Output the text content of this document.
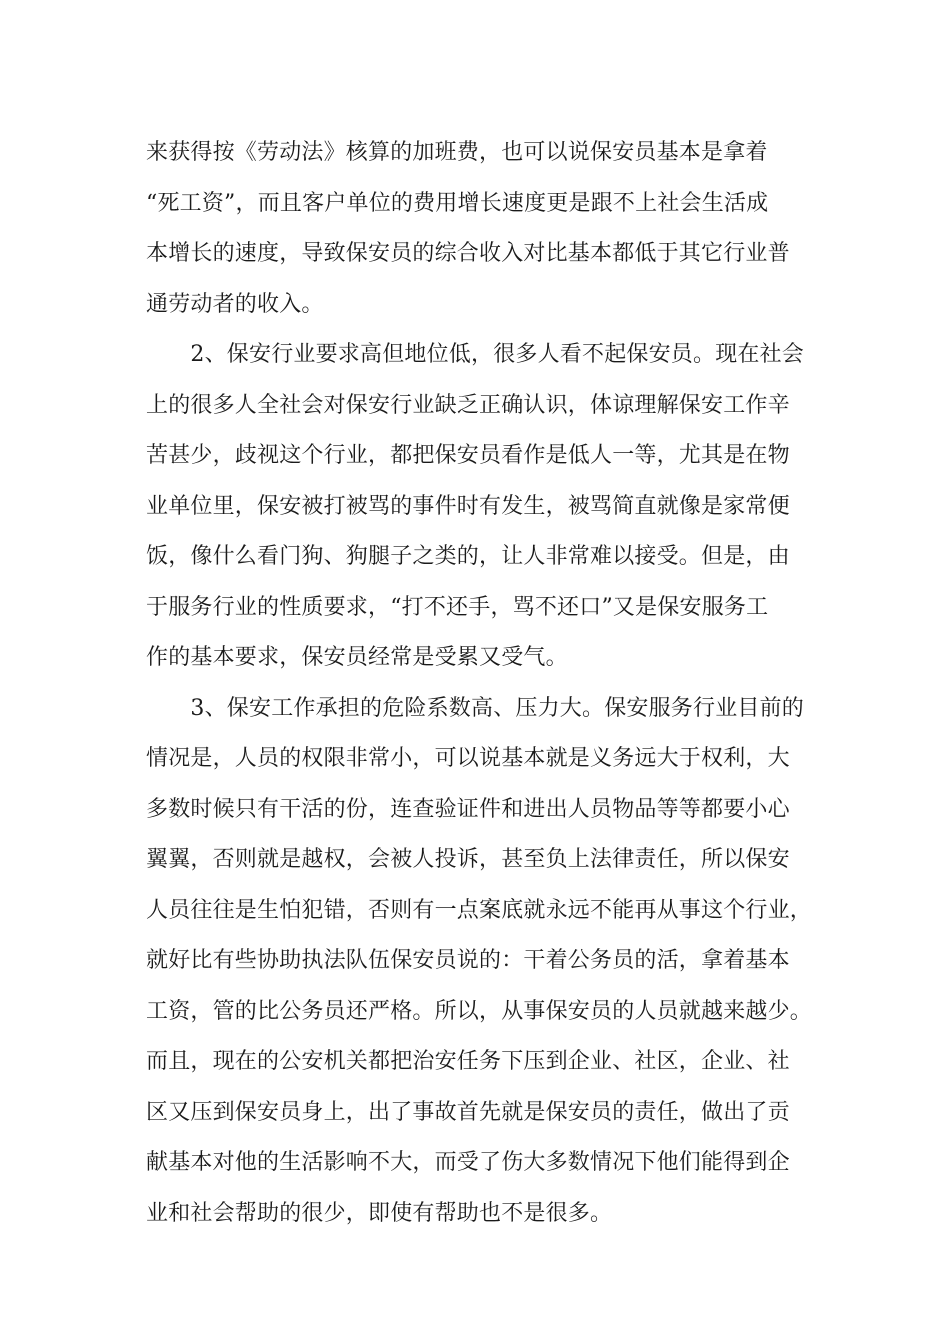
来获得按《劳动法》核算的加班费，也可以说保安员基本是拿着
“死工资”，而且客户单位的费用增长速度更是跟不上社会生活成
本增长的速度，导致保安员的综合收入对比基本都低于其它行业普
通劳动者的收入。
　　2、保安行业要求高但地位低，很多人看不起保安员。现在社会
上的很多人全社会对保安行业缺乏正确认识，体谅理解保安工作辛
苦甚少，歧视这个行业，都把保安员看作是低人一等，尤其是在物
业单位里，保安被打被骂的事件时有发生，被骂简直就像是家常便
饭，像什么看门狗、狗腿子之类的，让人非常难以接受。但是，由
于服务行业的性质要求，“打不还手，骂不还口”又是保安服务工
作的基本要求，保安员经常是受累又受气。
　　3、保安工作承担的危险系数高、压力大。保安服务行业目前的
情况是，人员的权限非常小，可以说基本就是义务远大于权利，大
多数时候只有干活的份，连查验证件和进出人员物品等等都要小心
翼翼，否则就是越权，会被人投诉，甚至负上法律责任，所以保安
人员往往是生怕犯错，否则有一点案底就永远不能再从事这个行业，
就好比有些协助执法队伍保安员说的：干着公务员的活，拿着基本
工资，管的比公务员还严格。所以，从事保安员的人员就越来越少。
而且，现在的公安机关都把治安任务下压到企业、社区，企业、社
区又压到保安员身上，出了事故首先就是保安员的责任，做出了贡
献基本对他的生活影响不大，而受了伤大多数情况下他们能得到企
业和社会帮助的很少，即使有帮助也不是很多。
